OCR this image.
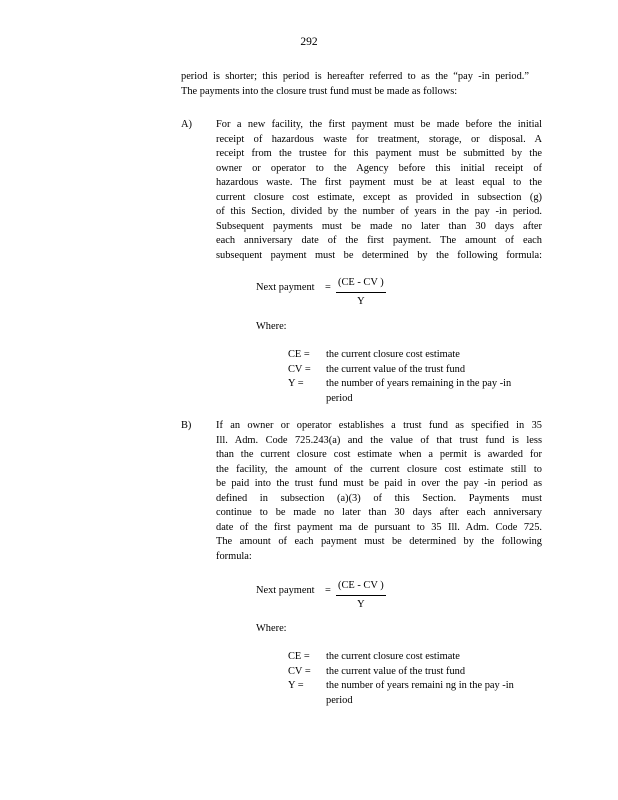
292
period is shorter; this period is hereafter referred to as the “pay -in period.”
The payments into the closure trust fund must be made as follows:
A) For a new facility, the first payment must be made before the initial
receipt of hazardous waste for treatment, storage, or disposal. A
receipt from the trustee for this payment must be submitted by the
owner or operator to the Agency before this initial receipt of
hazardous waste. The first payment must be at least equal to the
current closure cost estimate, except as provided in subsection (g)
of this Section, divided by the number of years in the pay -in period.
Subsequent payments must be made no later than 30 days after
each anniversary date of the first payment. The amount of each
subsequent payment must be determined by the following formula:
Next payment = $\frac{(CE - CV )}{Y}$
Where:
CE =	the current closure cost estimate
CV =	the current value of the trust fund
Y =	the number of years remaining in the pay -in
period
B) If an owner or operator establishes a trust fund as specified in 35
Ill. Adm. Code 725.243(a) and the value of that trust fund is less
than the current closure cost estimate when a permit is awarded for
the facility, the amount of the current closure cost estimate still to
be paid into the trust fund must be paid in over the pay -in period as
defined in subsection (a)(3) of this Section. Payments must
continue to be made no later than 30 days after each anniversary
date of the first payment ma de pursuant to 35 Ill. Adm. Code 725.
The amount of each payment must be determined by the following
formula:
Next payment = $\frac{(CE - CV )}{Y}$
Where:
CE =	the current closure cost estimate
CV =	the current value of the trust fund
Y =	the number of years remaini ng in the pay -in
period
